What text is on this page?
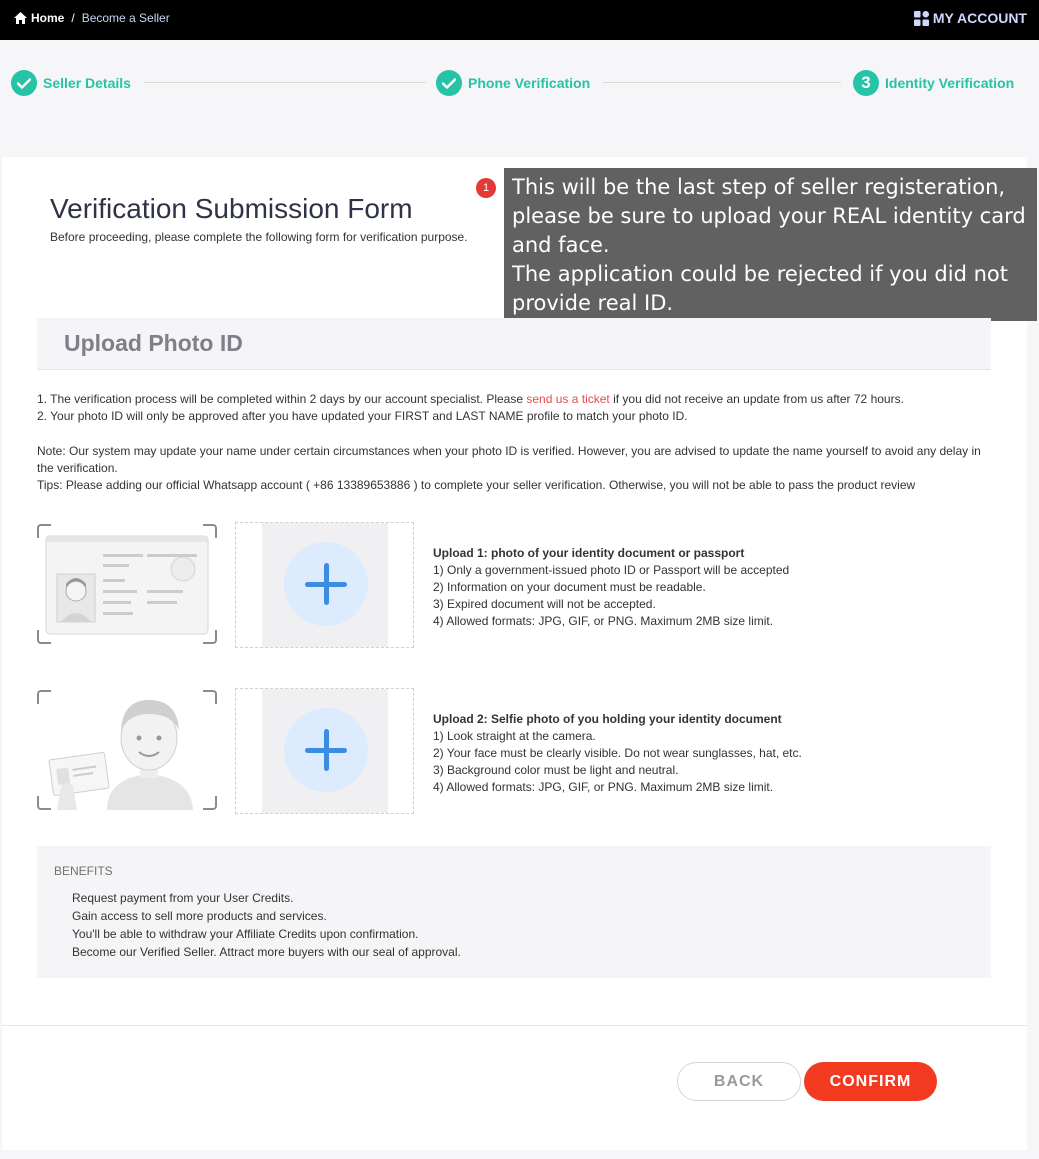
Home / Become a Seller	MY ACCOUNT
Seller Details	Phone Verification	3	Identity Verification
Verification Submission Form

Before proceeding, please complete the following form for verification purpose.

1	This will be the last step of seller registeration, please be sure to upload your REAL identity card and face.

The application could be rejected if you did not provide real ID.

Upload Photo ID
1. The verification process will be completed within 2 days by our account specialist. Please send us a ticket if you did not receive an update from us after 72 hours.
2. Your photo ID will only be approved after you have updated your FIRST and LAST NAME profile to match your photo ID.
Note: Our system may update your name under certain circumstances when your photo ID is verified. However, you are advised to update the name yourself to avoid any delay in the verification.
Tips: Please adding our official Whatsapp account ( +86 13389653886 ) to complete your seller verification. Otherwise, you will not be able to pass the product review
Upload 1: photo of your identity document or passport
1) Only a government-issued photo ID or Passport will be accepted
2) Information on your document must be readable.
3) Expired document will not be accepted.
4) Allowed formats: JPG, GIF, or PNG. Maximum 2MB size limit.
Upload 2: Selfie photo of you holding your identity document
1) Look straight at the camera.
2) Your face must be clearly visible. Do not wear sunglasses, hat, etc.
3) Background color must be light and neutral.
4) Allowed formats: JPG, GIF, or PNG. Maximum 2MB size limit.
BENEFITS
Request payment from your User Credits.
Gain access to sell more products and services.
You'll be able to withdraw your Affiliate Credits upon confirmation.
Become our Verified Seller. Attract more buyers with our seal of approval.
BACK	CONFIRM
